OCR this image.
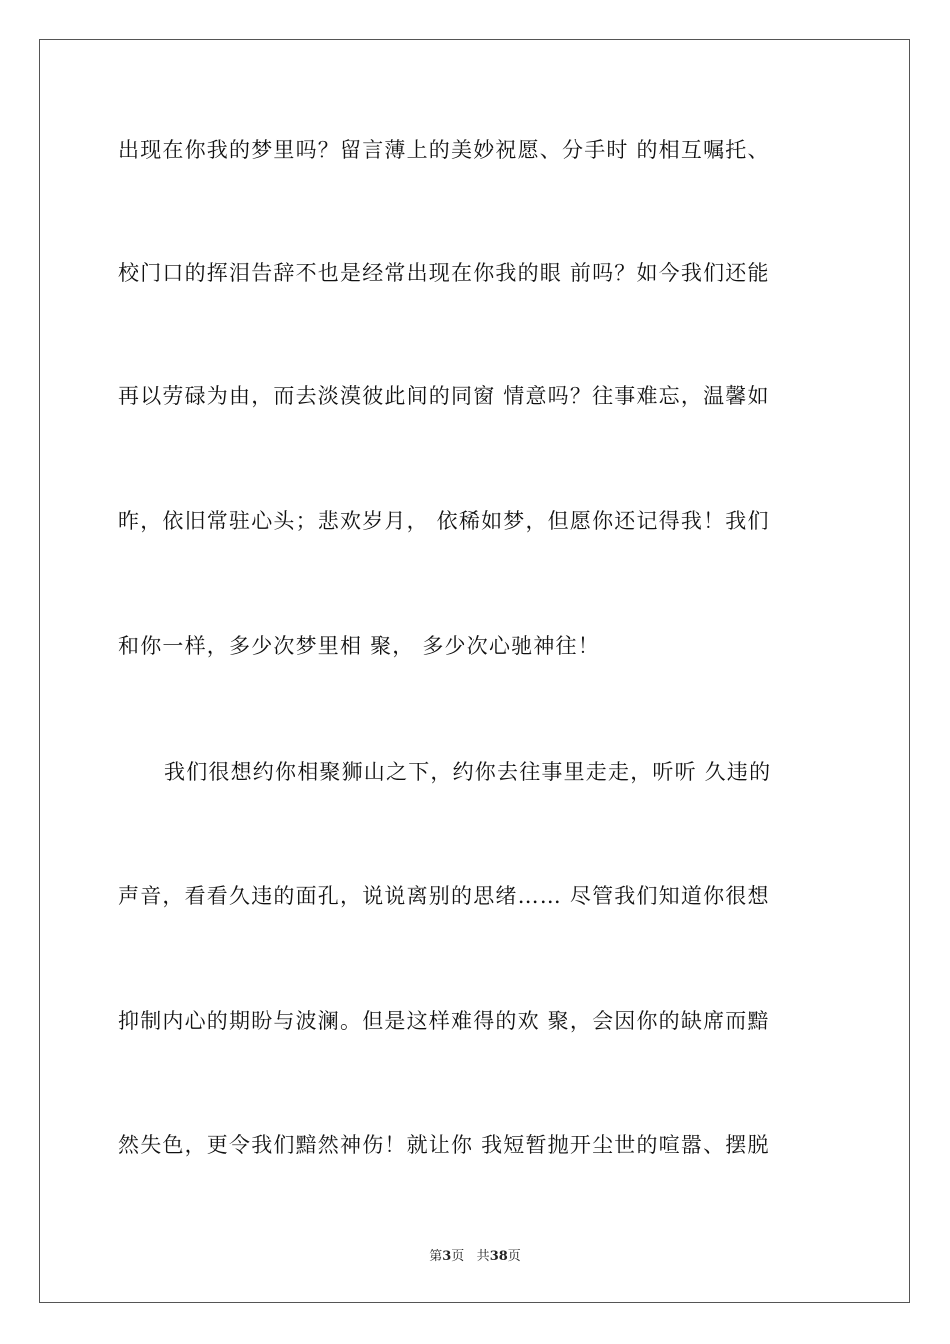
出现在你我的梦里吗？留言薄上的美妙祝愿、分手时 的相互嘱托、
校门口的挥泪告辞不也是经常出现在你我的眼 前吗？如今我们还能
再以劳碌为由，而去淡漠彼此间的同窗 情意吗？往事难忘，温馨如
昨，依旧常驻心头；悲欢岁月， 依稀如梦，但愿你还记得我！我们
和你一样，多少次梦里相 聚， 多少次心驰神往！
我们很想约你相聚狮山之下，约你去往事里走走，听听 久违的
声音，看看久违的面孔，说说离别的思绪…… 尽管我们知道你很想
抑制内心的期盼与波澜。但是这样难得的欢 聚，会因你的缺席而黯
然失色，更令我们黯然神伤！就让你 我短暂抛开尘世的喧嚣、摆脱
第3页 共38页
